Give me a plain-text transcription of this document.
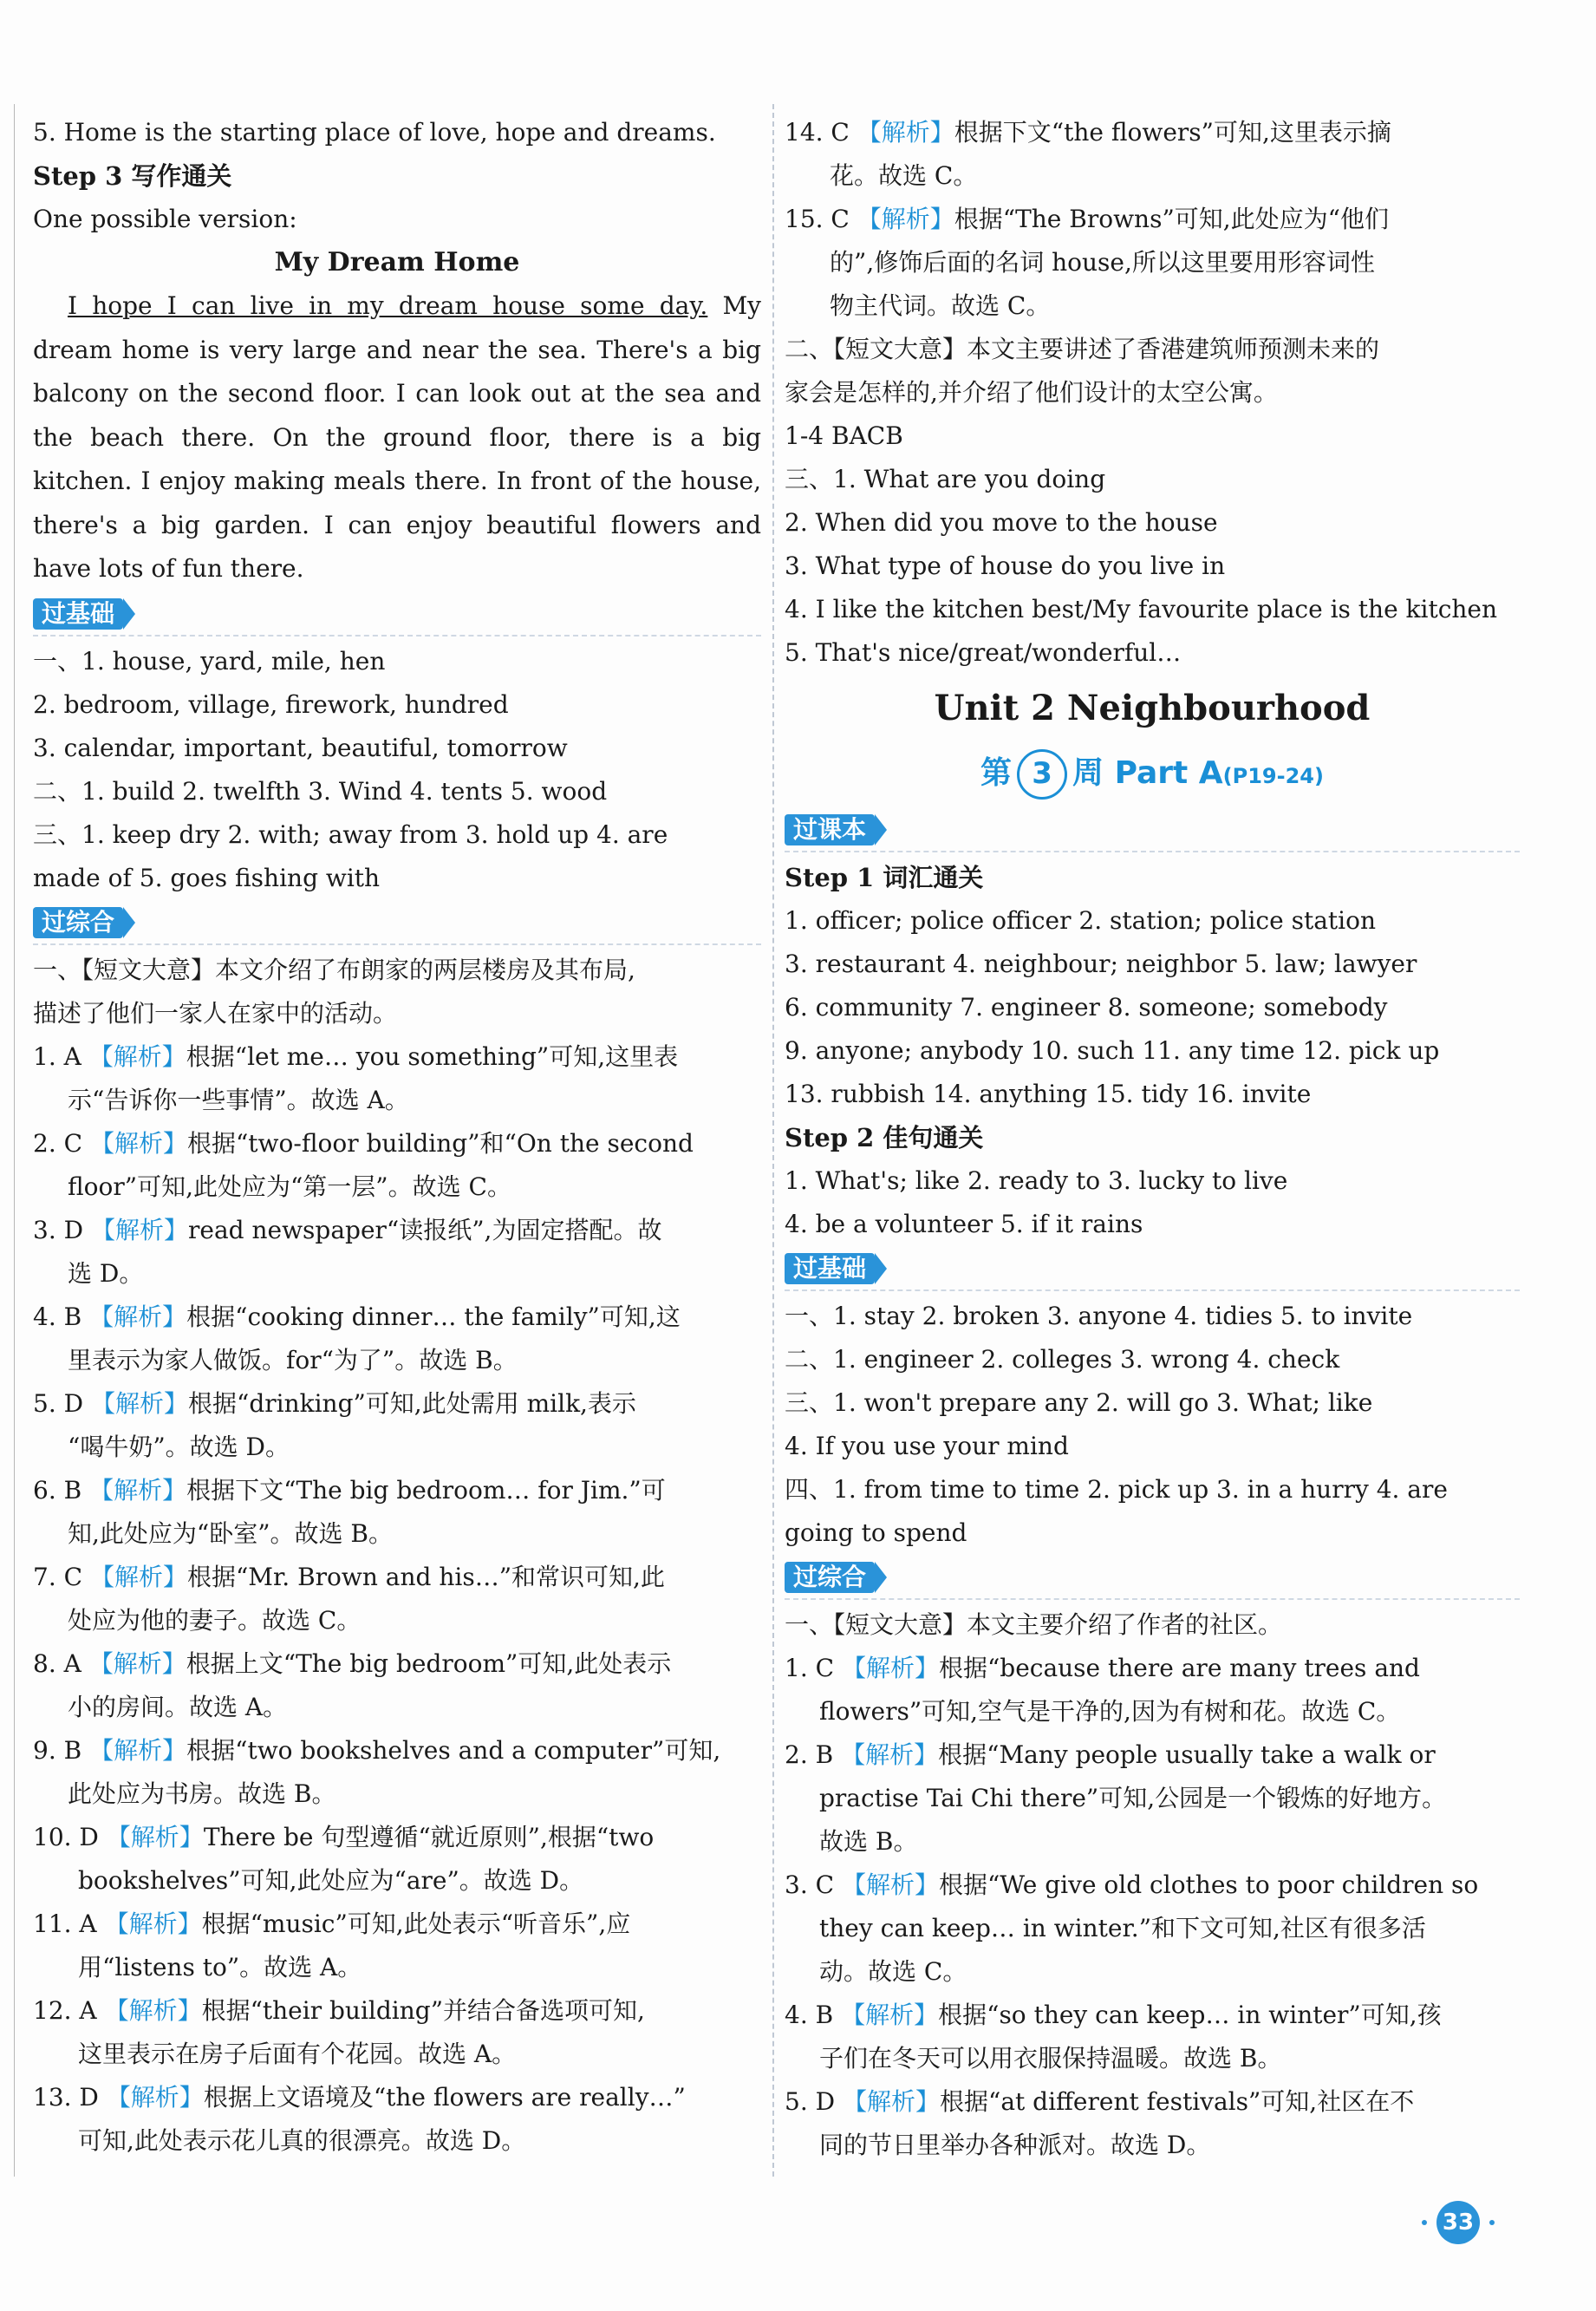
5. Home is the starting place of love, hope and dreams.

Step 3 写作通关

One possible version:

My Dream Home

I hope I can live in my dream house some day. My dream home is very large and near the sea. There's a big balcony on the second floor. I can look out at the sea and the beach there. On the ground floor, there is a big kitchen. I enjoy making meals there. In front of the house, there's a big garden. I can enjoy beautiful flowers and have lots of fun there.

过基础

一、1. house, yard, mile, hen

2. bedroom, village, firework, hundred

3. calendar, important, beautiful, tomorrow

二、1. build 2. twelfth 3. Wind 4. tents 5. wood

三、1. keep dry 2. with; away from 3. hold up 4. are

made of 5. goes fishing with

过综合

一、【短文大意】本文介绍了布朗家的两层楼房及其布局,

描述了他们一家人在家中的活动。

1. A 【解析】根据“let me… you something”可知,这里表

示“告诉你一些事情”。故选 A。

2. C 【解析】根据“two-floor building”和“On the second

floor”可知,此处应为“第一层”。故选 C。

3. D 【解析】read newspaper“读报纸”,为固定搭配。故

选 D。

4. B 【解析】根据“cooking dinner… the family”可知,这

里表示为家人做饭。for“为了”。故选 B。

5. D 【解析】根据“drinking”可知,此处需用 milk,表示

“喝牛奶”。故选 D。

6. B 【解析】根据下文“The big bedroom… for Jim.”可

知,此处应为“卧室”。故选 B。

7. C 【解析】根据“Mr. Brown and his…”和常识可知,此

处应为他的妻子。故选 C。

8. A 【解析】根据上文“The big bedroom”可知,此处表示

小的房间。故选 A。

9. B 【解析】根据“two bookshelves and a computer”可知,

此处应为书房。故选 B。

10. D 【解析】There be 句型遵循“就近原则”,根据“two

bookshelves”可知,此处应为“are”。故选 D。

11. A 【解析】根据“music”可知,此处表示“听音乐”,应

用“listens to”。故选 A。

12. A 【解析】根据“their building”并结合备选项可知,

这里表示在房子后面有个花园。故选 A。

13. D 【解析】根据上文语境及“the flowers are really…”

可知,此处表示花儿真的很漂亮。故选 D。

14. C 【解析】根据下文“the flowers”可知,这里表示摘

花。故选 C。

15. C 【解析】根据“The Browns”可知,此处应为“他们

的”,修饰后面的名词 house,所以这里要用形容词性

物主代词。故选 C。

二、【短文大意】本文主要讲述了香港建筑师预测未来的

家会是怎样的,并介绍了他们设计的太空公寓。

1-4 BACB

三、1. What are you doing

2. When did you move to the house

3. What type of house do you live in

4. I like the kitchen best/My favourite place is the kitchen

5. That's nice/great/wonderful…

Unit 2 Neighbourhood
第 3 周 Part A(P19-24)
过课本

Step 1 词汇通关

1. officer; police officer 2. station; police station

3. restaurant 4. neighbour; neighbor 5. law; lawyer

6. community 7. engineer 8. someone; somebody

9. anyone; anybody 10. such 11. any time 12. pick up

13. rubbish 14. anything 15. tidy 16. invite

Step 2 佳句通关

1. What's; like 2. ready to 3. lucky to live

4. be a volunteer 5. if it rains

过基础

一、1. stay 2. broken 3. anyone 4. tidies 5. to invite

二、1. engineer 2. colleges 3. wrong 4. check

三、1. won't prepare any 2. will go 3. What; like

4. If you use your mind

四、1. from time to time 2. pick up 3. in a hurry 4. are

going to spend

过综合

一、【短文大意】本文主要介绍了作者的社区。

1. C 【解析】根据“because there are many trees and

flowers”可知,空气是干净的,因为有树和花。故选 C。

2. B 【解析】根据“Many people usually take a walk or

practise Tai Chi there”可知,公园是一个锻炼的好地方。

故选 B。

3. C 【解析】根据“We give old clothes to poor children so

they can keep… in winter.”和下文可知,社区有很多活

动。故选 C。

4. B 【解析】根据“so they can keep… in winter”可知,孩

子们在冬天可以用衣服保持温暖。故选 B。

5. D 【解析】根据“at different festivals”可知,社区在不

同的节日里举办各种派对。故选 D。

33
